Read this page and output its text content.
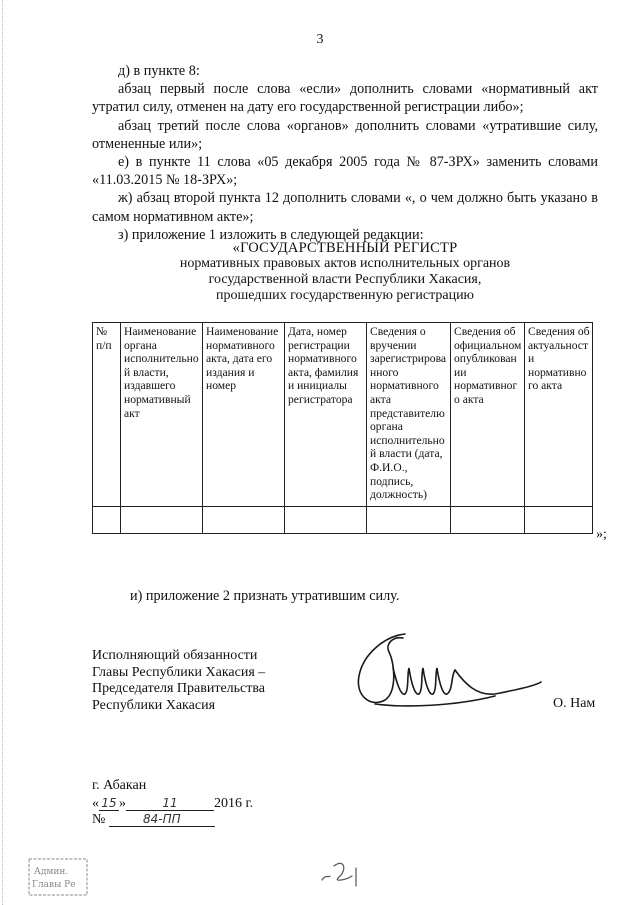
3

д) в пункте 8:

абзац первый после слова «если» дополнить словами «нормативный акт утратил силу, отменен на дату его государственной регистрации либо»;

абзац третий после слова «органов» дополнить словами «утратившие силу, отмененные или»;

е) в пункте 11 слова «05 декабря 2005 года № 87-ЗРХ» заменить словами «11.03.2015 № 18-ЗРХ»;

ж) абзац второй пункта 12 дополнить словами «, о чем должно быть указано в самом нормативном акте»;

з) приложение 1 изложить в следующей редакции:

«ГОСУДАРСТВЕННЫЙ РЕГИСТР
нормативных правовых актов исполнительных органов
государственной власти Республики Хакасия,
прошедших государственную регистрацию
№ п/п	Наименование органа исполнительной власти, издавшего нормативный акт	Наименование нормативного акта, дата его издания и номер	Дата, номер регистрации нормативного акта, фамилия и инициалы регистратора	Сведения о вручении зарегистрированного нормативного акта представителю органа исполнительной власти (дата, Ф.И.О., подпись, должность)	Сведения об официальном опубликовании нормативного акта	Сведения об актуальности нормативного акта

»;
и) приложение 2 признать утратившим силу.
Исполняющий обязанности
Главы Республики Хакасия –
Председателя Правительства
Республики Хакасия	О. Нам
г. Абакан
« 15 »	11	2016 г.
№	84-ПП
Админ.
Главы Ре
